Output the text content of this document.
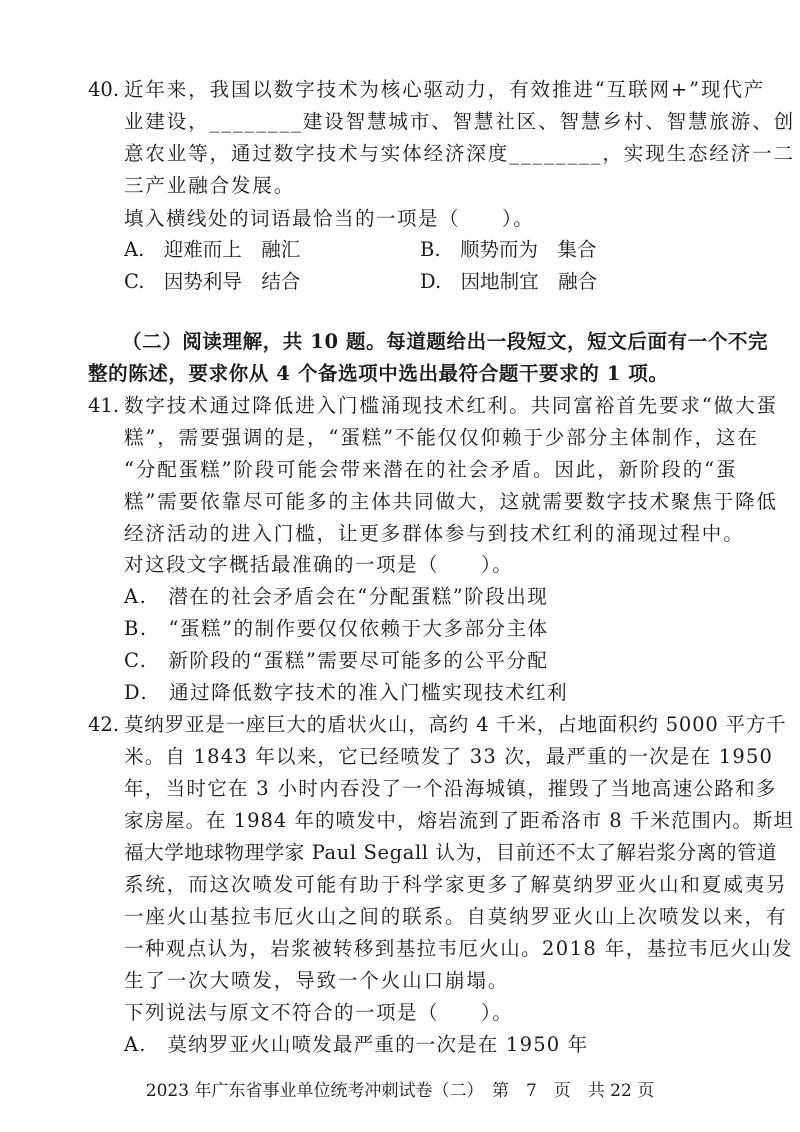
40. 近年来，我国以数字技术为核心驱动力，有效推进“互联网+”现代产
业建设，________建设智慧城市、智慧社区、智慧乡村、智慧旅游、创
意农业等，通过数字技术与实体经济深度________，实现生态经济一二
三产业融合发展。
填入横线处的词语最恰当的一项是（　　）。
A.　迎难而上　融汇	B.　顺势而为　集合
C.　因势利导　结合	D.　因地制宜　融合
（二）阅读理解，共 10 题。每道题给出一段短文，短文后面有一个不完
整的陈述，要求你从 4 个备选项中选出最符合题干要求的 1 项。
41. 数字技术通过降低进入门槛涌现技术红利。共同富裕首先要求“做大蛋
糕”，需要强调的是，“蛋糕”不能仅仅仰赖于少部分主体制作，这在
“分配蛋糕”阶段可能会带来潜在的社会矛盾。因此，新阶段的“蛋
糕”需要依靠尽可能多的主体共同做大，这就需要数字技术聚焦于降低
经济活动的进入门槛，让更多群体参与到技术红利的涌现过程中。
对这段文字概括最准确的一项是（　　）。
A.　潜在的社会矛盾会在“分配蛋糕”阶段出现
B.　“蛋糕”的制作要仅仅依赖于大多部分主体
C.　新阶段的“蛋糕”需要尽可能多的公平分配
D.　通过降低数字技术的准入门槛实现技术红利
42. 莫纳罗亚是一座巨大的盾状火山，高约 4 千米，占地面积约 5000 平方千
米。自 1843 年以来，它已经喷发了 33 次，最严重的一次是在 1950
年，当时它在 3 小时内吞没了一个沿海城镇，摧毁了当地高速公路和多
家房屋。在 1984 年的喷发中，熔岩流到了距希洛市 8 千米范围内。斯坦
福大学地球物理学家 Paul Segall 认为，目前还不太了解岩浆分离的管道
系统，而这次喷发可能有助于科学家更多了解莫纳罗亚火山和夏威夷另
一座火山基拉韦厄火山之间的联系。自莫纳罗亚火山上次喷发以来，有
一种观点认为，岩浆被转移到基拉韦厄火山。2018 年，基拉韦厄火山发
生了一次大喷发，导致一个火山口崩塌。
下列说法与原文不符合的一项是（　　）。
A.　莫纳罗亚火山喷发最严重的一次是在 1950 年
2023 年广东省事业单位统考冲刺试卷（二）　第　7　页　共 22 页
